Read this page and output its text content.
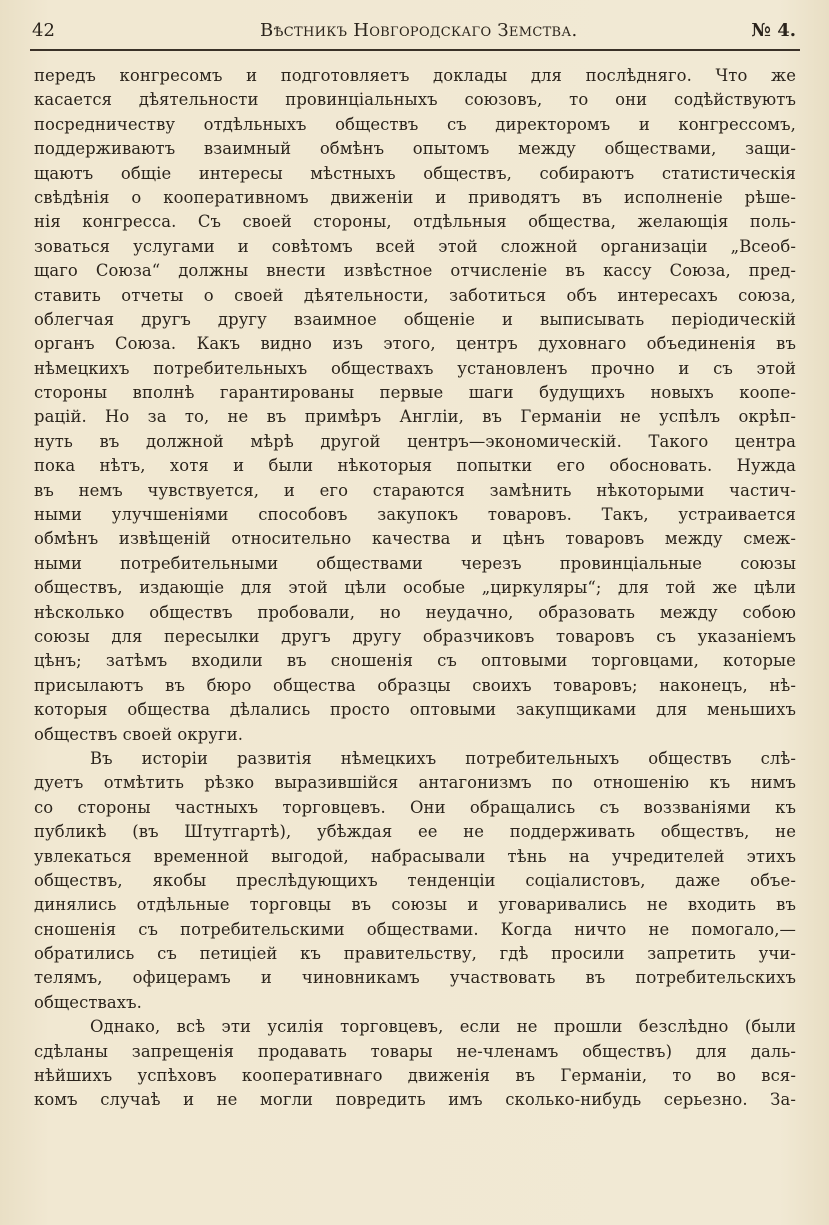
42	Вѣстникъ Новгородскаго Земства.	№ 4.
передъ конгресомъ и подготовляетъ доклады для послѣдняго. Что же
касается дѣятельности провинціальныхъ союзовъ, то они содѣйствуютъ
посредничеству отдѣльныхъ обществъ съ директоромъ и конгрессомъ,
поддерживаютъ взаимный обмѣнъ опытомъ между обществами, защи-
щаютъ общіе интересы мѣстныхъ обществъ, собираютъ статистическія
свѣдѣнія о кооперативномъ движеніи и приводятъ въ исполненіе рѣше-
нія конгресса. Съ своей стороны, отдѣльныя общества, желающія поль-
зоваться услугами и совѣтомъ всей этой сложной организаціи „Всеоб-
щаго Союза“ должны внести извѣстное отчисленіе въ кассу Союза, пред-
ставить отчеты о своей дѣятельности, заботиться объ интересахъ союза,
облегчая другъ другу взаимное общеніе и выписывать періодическій
органъ Союза. Какъ видно изъ этого, центръ духовнаго объединенія въ
нѣмецкихъ потребительныхъ обществахъ установленъ прочно и съ этой
стороны вполнѣ гарантированы первые шаги будущихъ новыхъ коопе-
рацій. Но за то, не въ примѣръ Англіи, въ Германіи не успѣлъ окрѣп-
нуть въ должной мѣрѣ другой центръ—экономическій. Такого центра
пока нѣтъ, хотя и были нѣкоторыя попытки его обосновать. Нужда
въ немъ чувствуется, и его стараются замѣнить нѣкоторыми частич-
ными улучшеніями способовъ закупокъ товаровъ. Такъ, устраивается
обмѣнъ извѣщеній относительно качества и цѣнъ товаровъ между смеж-
ными потребительными обществами черезъ провинціальные союзы
обществъ, издающіе для этой цѣли особые „циркуляры“; для той же цѣли
нѣсколько обществъ пробовали, но неудачно, образовать между собою
союзы для пересылки другъ другу образчиковъ товаровъ съ указаніемъ
цѣнъ; затѣмъ входили въ сношенія съ оптовыми торговцами, которые
присылаютъ въ бюро общества образцы своихъ товаровъ; наконецъ, нѣ-
которыя общества дѣлались просто оптовыми закупщиками для меньшихъ
обществъ своей округи.
Въ исторіи развитія нѣмецкихъ потребительныхъ обществъ слѣ-
дуетъ отмѣтить рѣзко выразившійся антагонизмъ по отношенію къ нимъ
со стороны частныхъ торговцевъ. Они обращались съ воззваніями къ
публикѣ (въ Штутгартѣ), убѣждая ее не поддерживать обществъ, не
увлекаться временной выгодой, набрасывали тѣнь на учредителей этихъ
обществъ, якобы преслѣдующихъ тенденціи соціалистовъ, даже объе-
динялись отдѣльные торговцы въ союзы и уговаривались не входить въ
сношенія съ потребительскими обществами. Когда ничто не помогало,—
обратились съ петиціей къ правительству, гдѣ просили запретить учи-
телямъ, офицерамъ и чиновникамъ участвовать въ потребительскихъ
обществахъ.
Однако, всѣ эти усилія торговцевъ, если не прошли безслѣдно (были
сдѣланы запрещенія продавать товары не-членамъ обществъ) для даль-
нѣйшихъ успѣховъ кооперативнаго движенія въ Германіи, то во вся-
комъ случаѣ и не могли повредить имъ сколько-нибудь серьезно. За-
